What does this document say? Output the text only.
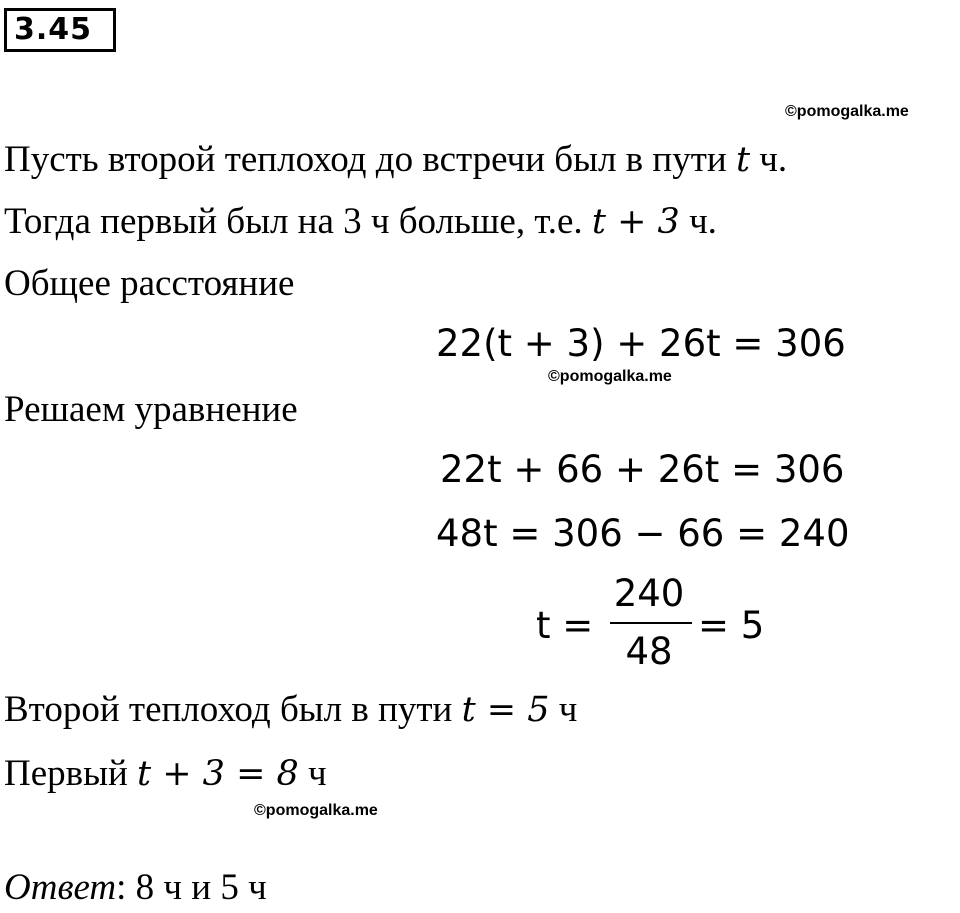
3.45
©pomogalka.me
Пусть второй теплоход до встречи был в пути t ч.
Тогда первый был на 3 ч больше, т.е. t + 3 ч.
Общее расстояние
22(t + 3) + 26t = 306
©pomogalka.me
Решаем уравнение
22t + 66 + 26t = 306
48t = 306 − 66 = 240
t =
240
48
= 5
Второй теплоход был в пути t = 5 ч
Первый t + 3 = 8 ч
©pomogalka.me
Ответ: 8 ч и 5 ч
